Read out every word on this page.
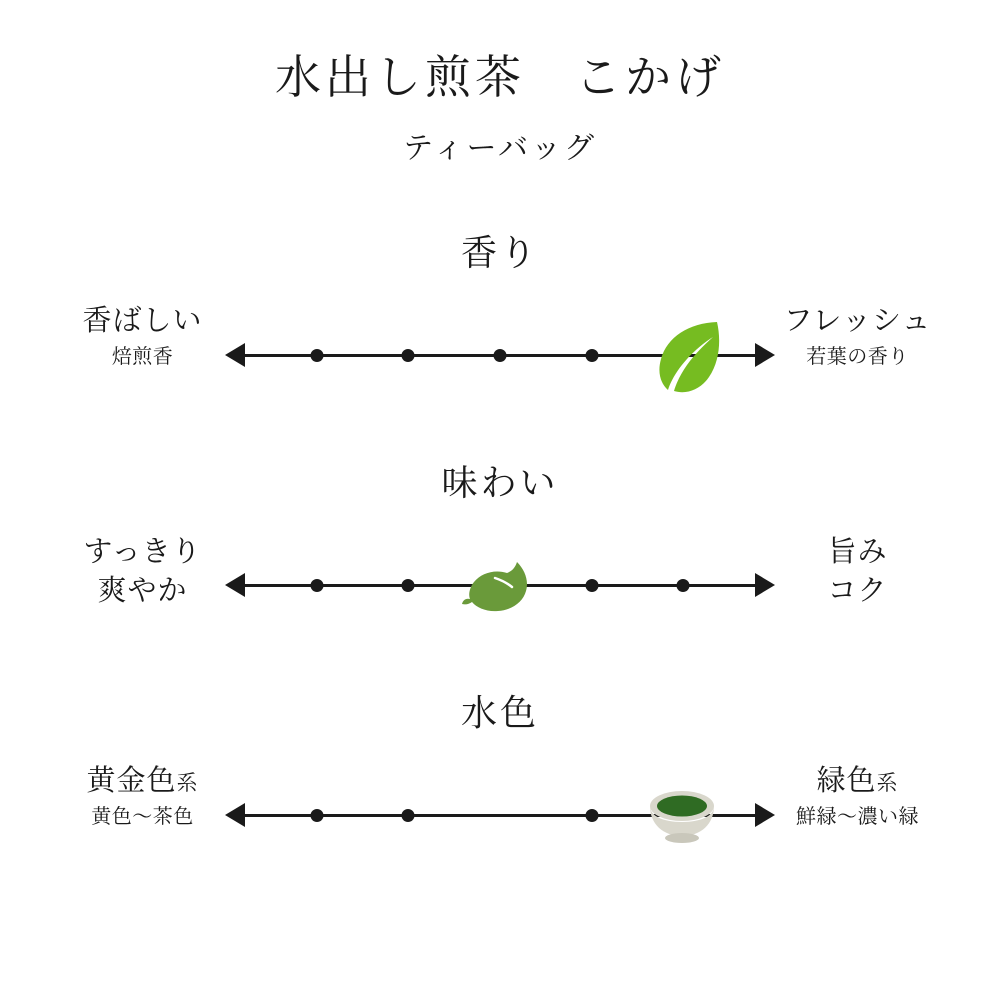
水出し煎茶　こかげ
ティーバッグ
香り
香ばしい
焙煎香
フレッシュ
若葉の香り
味わい
すっきり
爽やか
旨み
コク
水色
黄金色系
黄色〜茶色
緑色系
鮮緑〜濃い緑
